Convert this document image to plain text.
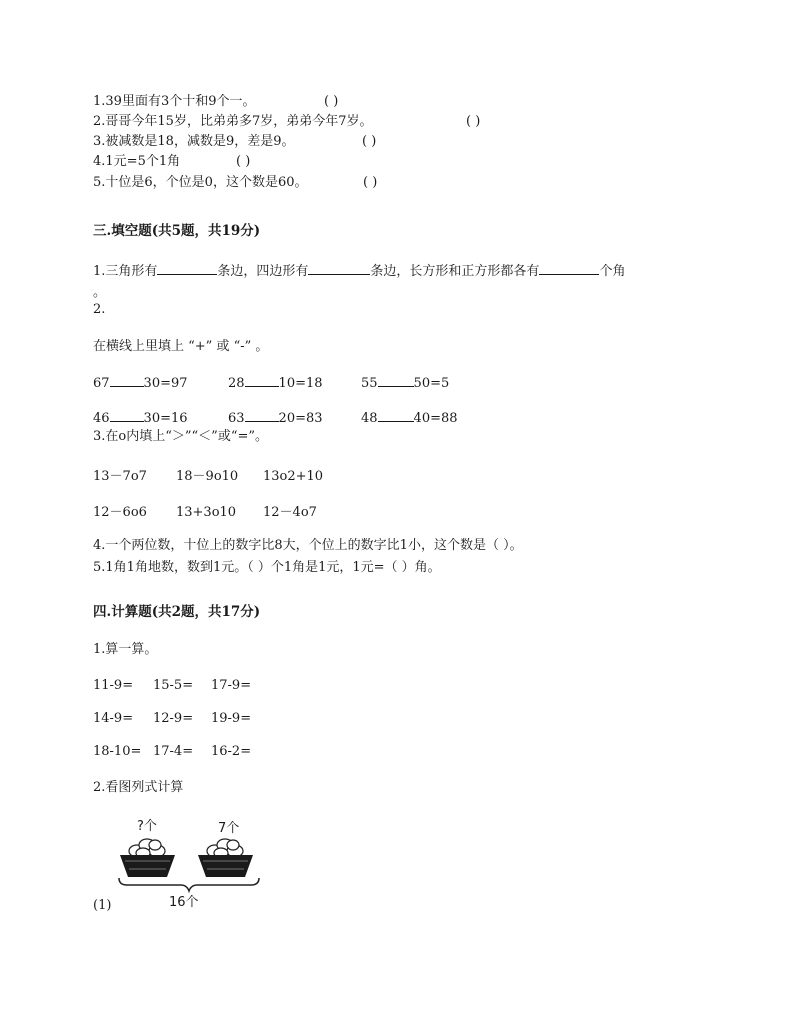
1.39里面有3个十和9个一。	( )
2.哥哥今年15岁，比弟弟多7岁，弟弟今年7岁。	( )
3.被减数是18，减数是9，差是9。	( )
4.1元=5个1角	( )
5.十位是6，个位是0，这个数是60。	( )
三.填空题(共5题，共19分)
1.三角形有	条边，四边形有	条边，长方形和正方形都各有	个角
。
2.
在横线上里填上 “+” 或 “-” 。
67	30=97	28	10=18	55	50=5
46	30=16	63	20=83	48	40=88
3.在o内填上“＞”“＜”或“=”。
13－7o7 18－9o10 13o2+10
12－6o6 13+3o10 12－4o7
4.一个两位数，十位上的数字比8大，个位上的数字比1小，这个数是（ ）。
5.1角1角地数，数到1元。（ ）个1角是1元，1元=（ ）角。
四.计算题(共2题，共17分)
1.算一算。
11-9= 15-5= 17-9=
14-9= 12-9= 19-9=
18-10= 17-4= 16-2=
2.看图列式计算
?个	7个
16个
(1)
